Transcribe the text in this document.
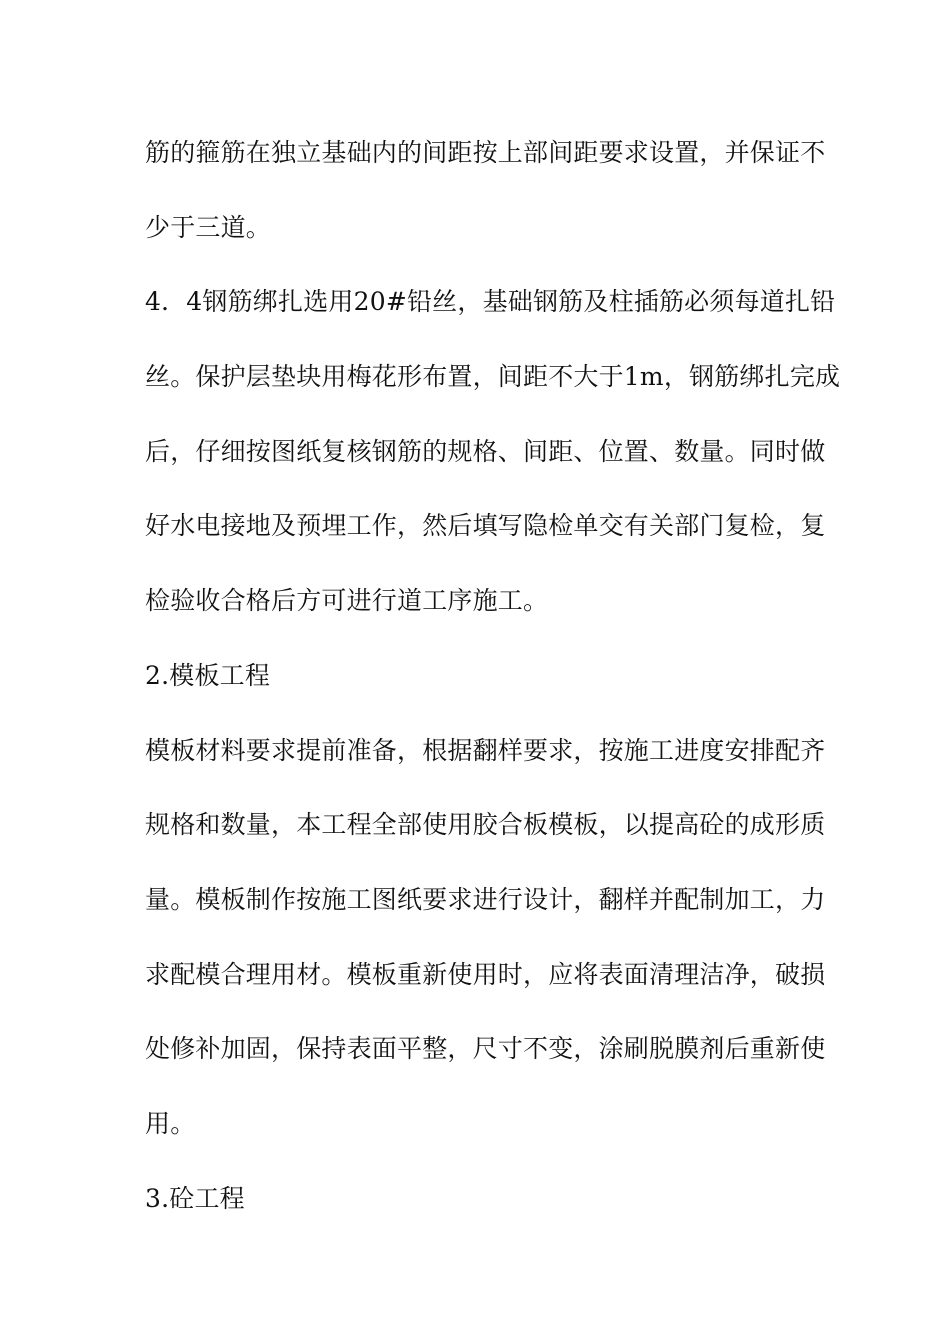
筋的箍筋在独立基础内的间距按上部间距要求设置，并保证不
少于三道。
4．4钢筋绑扎选用20#铅丝，基础钢筋及柱插筋必须每道扎铅
丝。保护层垫块用梅花形布置，间距不大于1m，钢筋绑扎完成
后，仔细按图纸复核钢筋的规格、间距、位置、数量。同时做
好水电接地及预埋工作，然后填写隐检单交有关部门复检，复
检验收合格后方可进行道工序施工。
2.模板工程
模板材料要求提前准备，根据翻样要求，按施工进度安排配齐
规格和数量，本工程全部使用胶合板模板，以提高砼的成形质
量。模板制作按施工图纸要求进行设计，翻样并配制加工，力
求配模合理用材。模板重新使用时，应将表面清理洁净，破损
处修补加固，保持表面平整，尺寸不变，涂刷脱膜剂后重新使
用。
3.砼工程
